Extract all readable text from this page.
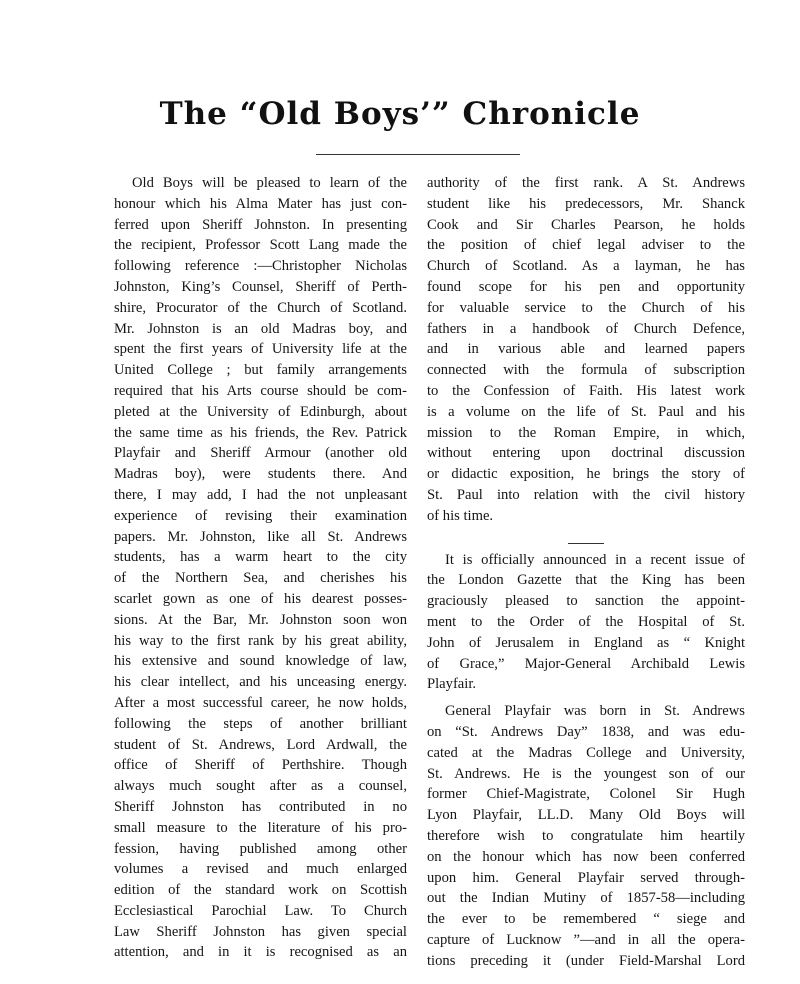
The “Old Boys’” Chronicle
Old Boys will be pleased to learn of the
honour which his Alma Mater has just con-
ferred upon Sheriff Johnston. In presenting
the recipient, Professor Scott Lang made the
following reference :—Christopher Nicholas
Johnston, King’s Counsel, Sheriff of Perth-
shire, Procurator of the Church of Scotland.
Mr. Johnston is an old Madras boy, and
spent the first years of University life at the
United College ; but family arrangements
required that his Arts course should be com-
pleted at the University of Edinburgh, about
the same time as his friends, the Rev. Patrick
Playfair and Sheriff Armour (another old
Madras boy), were students there. And
there, I may add, I had the not unpleasant
experience of revising their examination
papers. Mr. Johnston, like all St. Andrews
students, has a warm heart to the city
of the Northern Sea, and cherishes his
scarlet gown as one of his dearest posses-
sions. At the Bar, Mr. Johnston soon won
his way to the first rank by his great ability,
his extensive and sound knowledge of law,
his clear intellect, and his unceasing energy.
After a most successful career, he now holds,
following the steps of another brilliant
student of St. Andrews, Lord Ardwall, the
office of Sheriff of Perthshire. Though
always much sought after as a counsel,
Sheriff Johnston has contributed in no
small measure to the literature of his pro-
fession, having published among other
volumes a revised and much enlarged
edition of the standard work on Scottish
Ecclesiastical Parochial Law. To Church
Law Sheriff Johnston has given special
attention, and in it is recognised as an
authority of the first rank. A St. Andrews
student like his predecessors, Mr. Shanck
Cook and Sir Charles Pearson, he holds
the position of chief legal adviser to the
Church of Scotland. As a layman, he has
found scope for his pen and opportunity
for valuable service to the Church of his
fathers in a handbook of Church Defence,
and in various able and learned papers
connected with the formula of subscription
to the Confession of Faith. His latest work
is a volume on the life of St. Paul and his
mission to the Roman Empire, in which,
without entering upon doctrinal discussion
or didactic exposition, he brings the story of
St. Paul into relation with the civil history
of his time.
It is officially announced in a recent issue of
the London Gazette that the King has been
graciously pleased to sanction the appoint-
ment to the Order of the Hospital of St.
John of Jerusalem in England as “ Knight
of Grace,” Major-General Archibald Lewis
Playfair.
General Playfair was born in St. Andrews
on “St. Andrews Day” 1838, and was edu-
cated at the Madras College and University,
St. Andrews. He is the youngest son of our
former Chief-Magistrate, Colonel Sir Hugh
Lyon Playfair, LL.D. Many Old Boys will
therefore wish to congratulate him heartily
on the honour which has now been conferred
upon him. General Playfair served through-
out the Indian Mutiny of 1857-58—including
the ever to be remembered “ siege and
capture of Lucknow ”—and in all the opera-
tions preceding it (under Field-Marshal Lord
